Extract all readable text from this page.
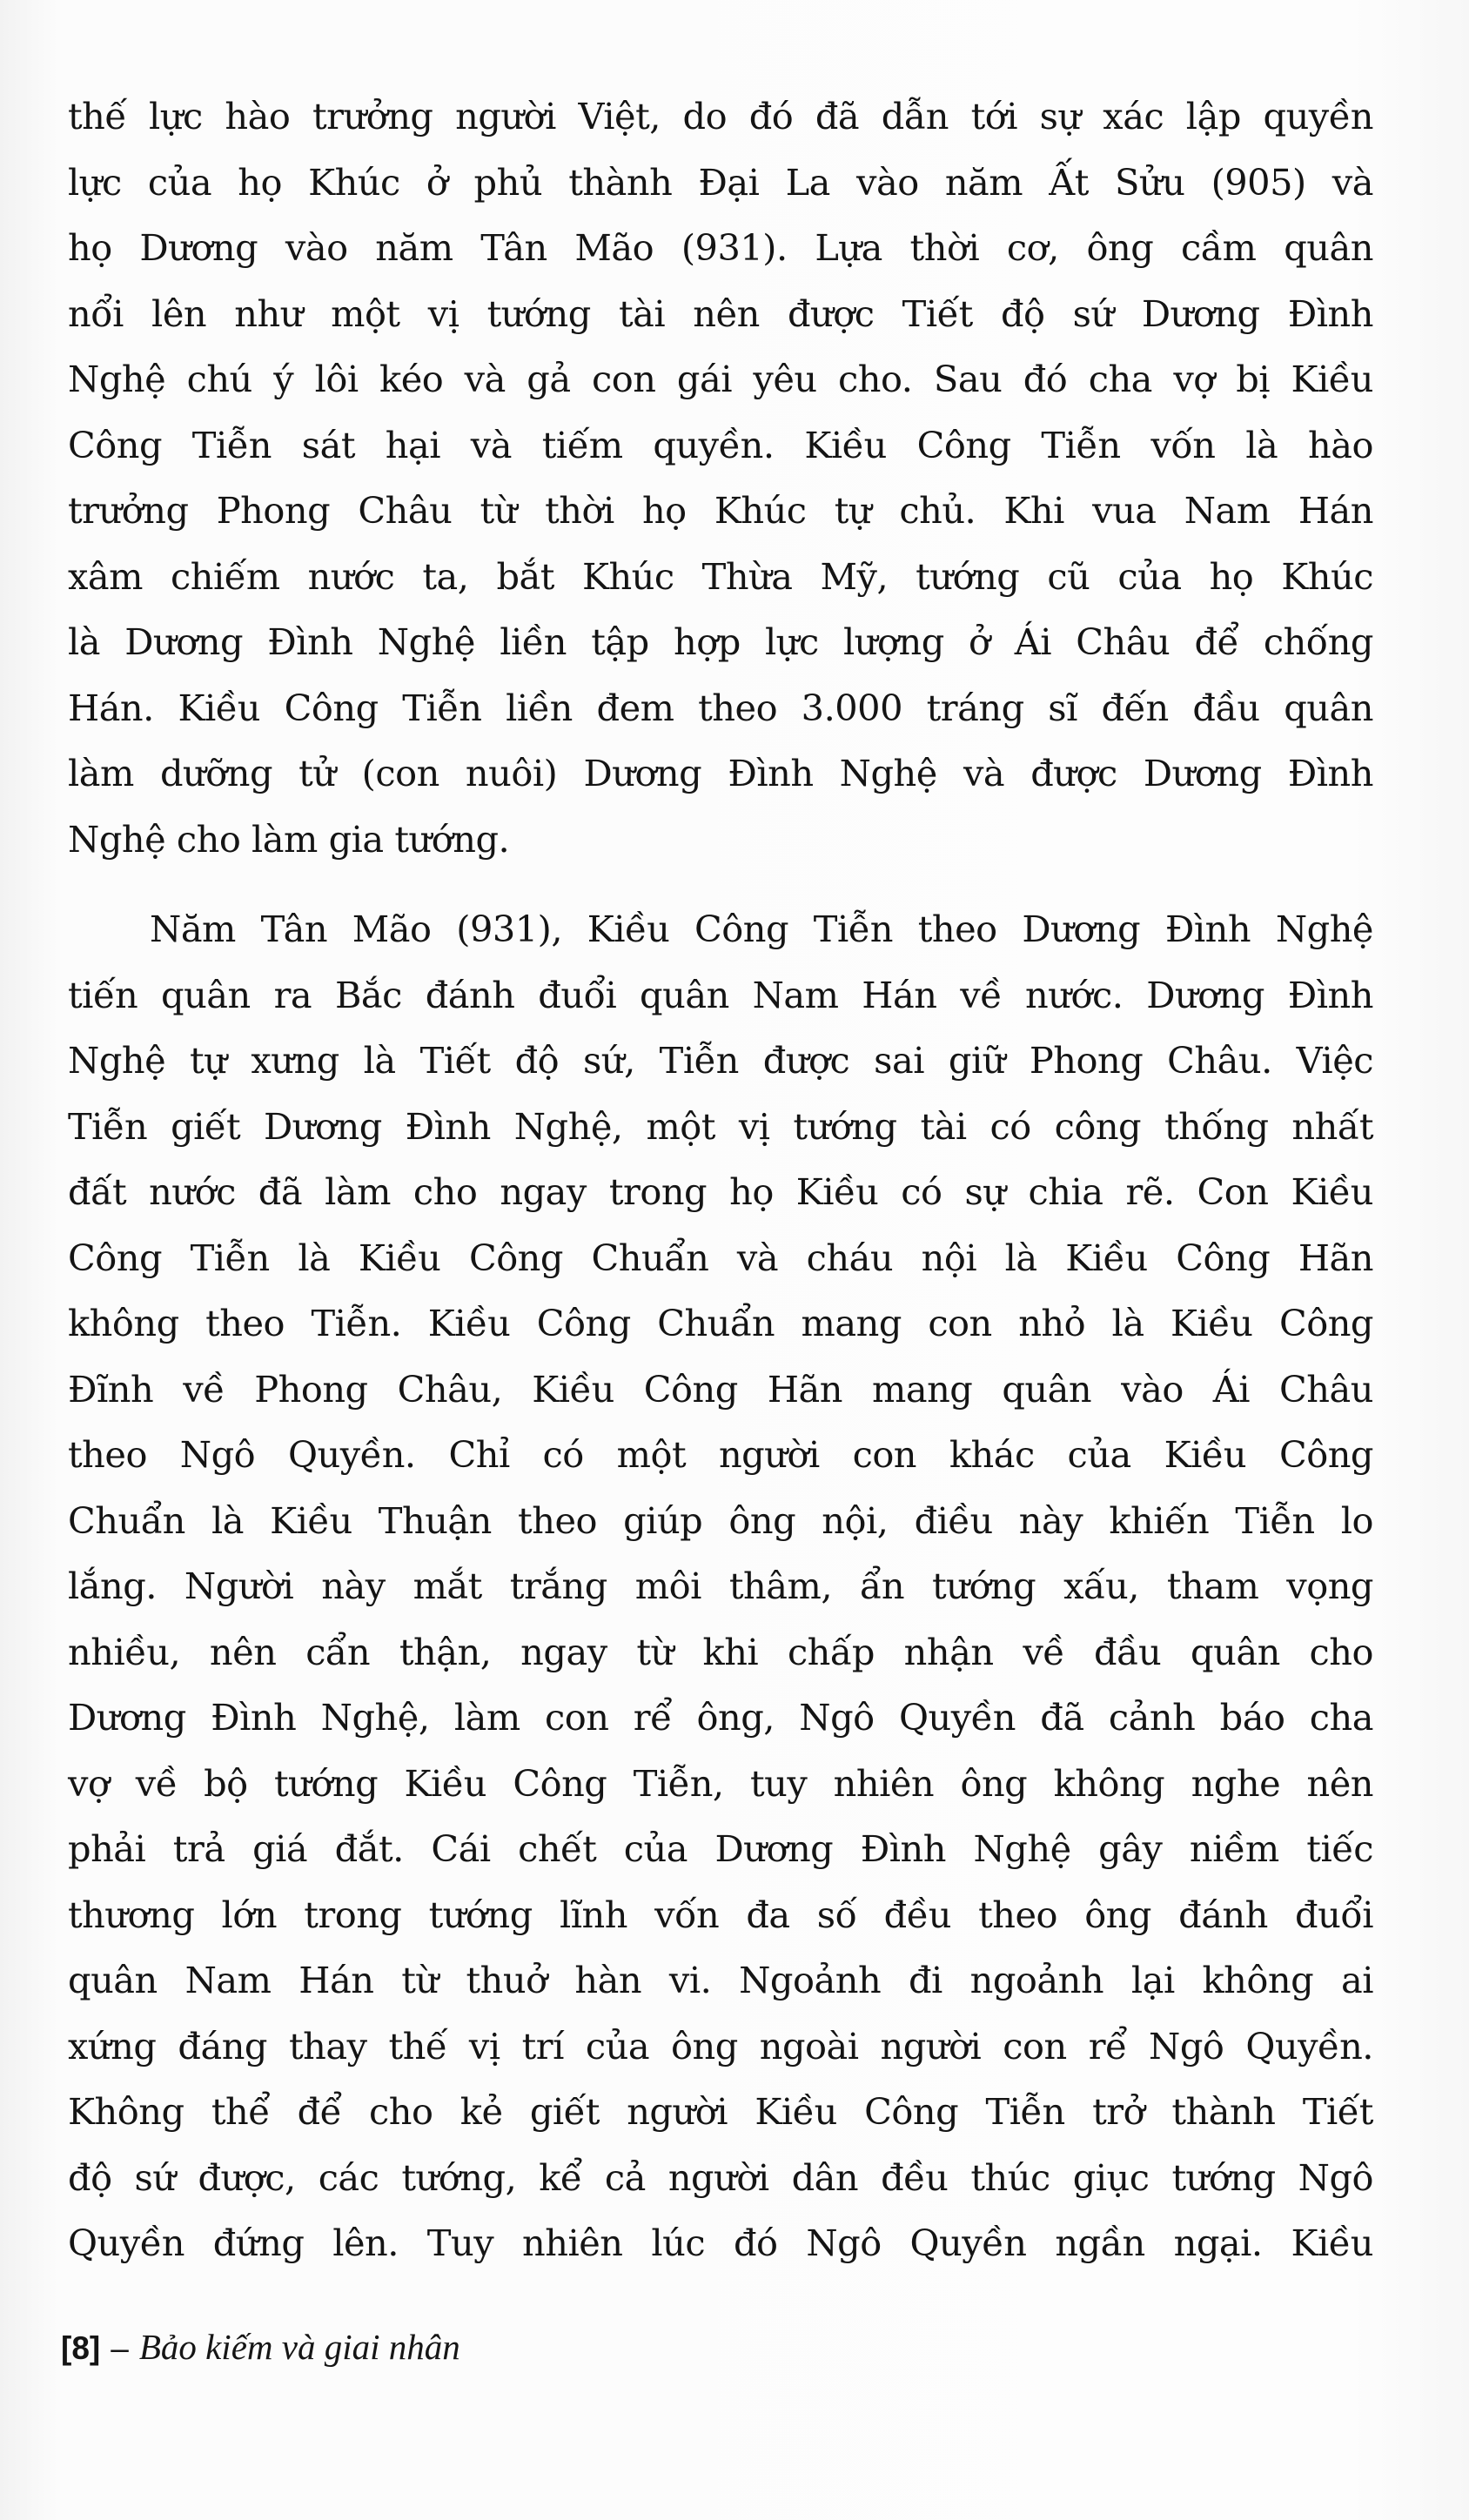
thế lực hào trưởng người Việt, do đó đã dẫn tới sự xác lập quyền
lực của họ Khúc ở phủ thành Đại La vào năm Ất Sửu (905) và
họ Dương vào năm Tân Mão (931). Lựa thời cơ, ông cầm quân
nổi lên như một vị tướng tài nên được Tiết độ sứ Dương Đình
Nghệ chú ý lôi kéo và gả con gái yêu cho. Sau đó cha vợ bị Kiều
Công Tiễn sát hại và tiếm quyền. Kiều Công Tiễn vốn là hào
trưởng Phong Châu từ thời họ Khúc tự chủ. Khi vua Nam Hán
xâm chiếm nước ta, bắt Khúc Thừa Mỹ, tướng cũ của họ Khúc
là Dương Đình Nghệ liền tập hợp lực lượng ở Ái Châu để chống
Hán. Kiều Công Tiễn liền đem theo 3.000 tráng sĩ đến đầu quân
làm dưỡng tử (con nuôi) Dương Đình Nghệ và được Dương Đình
Nghệ cho làm gia tướng.

Năm Tân Mão (931), Kiều Công Tiễn theo Dương Đình Nghệ
tiến quân ra Bắc đánh đuổi quân Nam Hán về nước. Dương Đình
Nghệ tự xưng là Tiết độ sứ, Tiễn được sai giữ Phong Châu. Việc
Tiễn giết Dương Đình Nghệ, một vị tướng tài có công thống nhất
đất nước đã làm cho ngay trong họ Kiều có sự chia rẽ. Con Kiều
Công Tiễn là Kiều Công Chuẩn và cháu nội là Kiều Công Hãn
không theo Tiễn. Kiều Công Chuẩn mang con nhỏ là Kiều Công
Đĩnh về Phong Châu, Kiều Công Hãn mang quân vào Ái Châu
theo Ngô Quyền. Chỉ có một người con khác của Kiều Công
Chuẩn là Kiều Thuận theo giúp ông nội, điều này khiến Tiễn lo
lắng. Người này mắt trắng môi thâm, ẩn tướng xấu, tham vọng
nhiều, nên cẩn thận, ngay từ khi chấp nhận về đầu quân cho
Dương Đình Nghệ, làm con rể ông, Ngô Quyền đã cảnh báo cha
vợ về bộ tướng Kiều Công Tiễn, tuy nhiên ông không nghe nên
phải trả giá đắt. Cái chết của Dương Đình Nghệ gây niềm tiếc
thương lớn trong tướng lĩnh vốn đa số đều theo ông đánh đuổi
quân Nam Hán từ thuở hàn vi. Ngoảnh đi ngoảnh lại không ai
xứng đáng thay thế vị trí của ông ngoài người con rể Ngô Quyền.
Không thể để cho kẻ giết người Kiều Công Tiễn trở thành Tiết
độ sứ được, các tướng, kể cả người dân đều thúc giục tướng Ngô
Quyền đứng lên. Tuy nhiên lúc đó Ngô Quyền ngần ngại. Kiều

[8] – Bảo kiếm và giai nhân
